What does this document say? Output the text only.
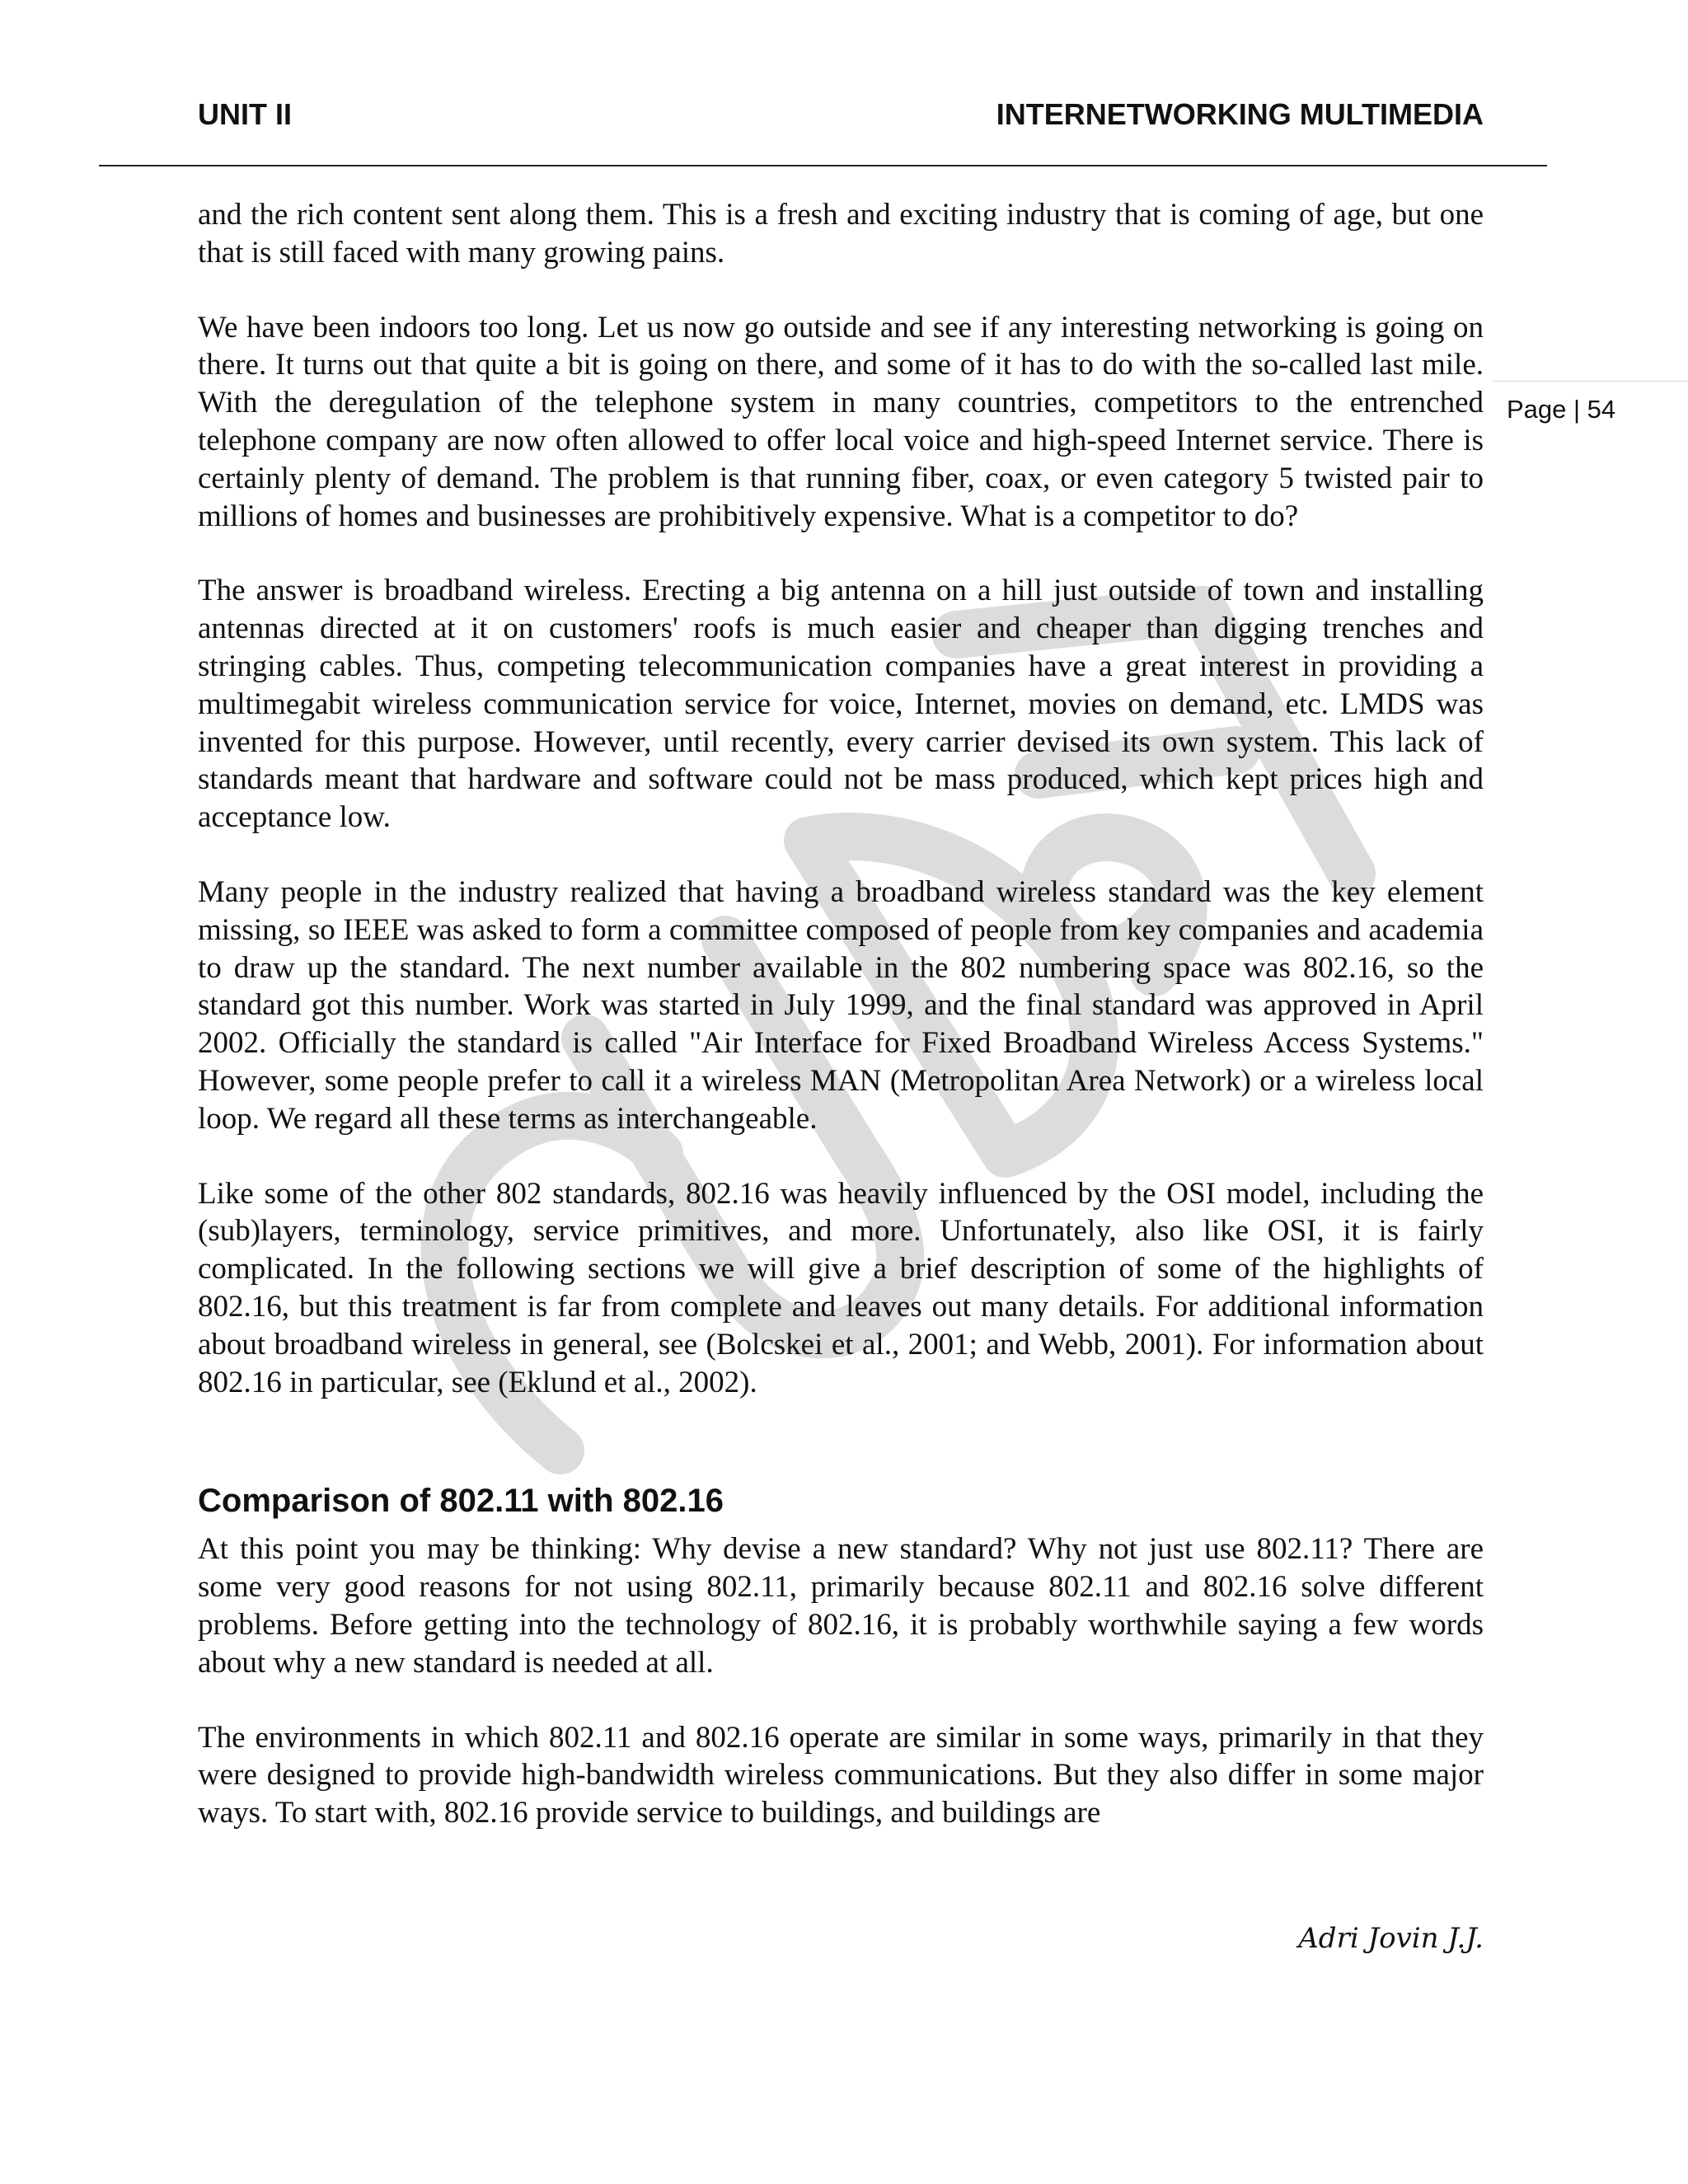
UNIT II	INTERNETWORKING MULTIMEDIA
Page | 54

and the rich content sent along them. This is a fresh and exciting industry that is coming of age, but one that is still faced with many growing pains.

We have been indoors too long. Let us now go outside and see if any interesting networking is going on there. It turns out that quite a bit is going on there, and some of it has to do with the so-called last mile. With the deregulation of the telephone system in many countries, competitors to the entrenched telephone company are now often allowed to offer local voice and high-speed Internet service. There is certainly plenty of demand. The problem is that running fiber, coax, or even category 5 twisted pair to millions of homes and businesses are prohibitively expensive. What is a competitor to do?

The answer is broadband wireless. Erecting a big antenna on a hill just outside of town and installing antennas directed at it on customers' roofs is much easier and cheaper than digging trenches and stringing cables. Thus, competing telecommunication companies have a great interest in providing a multimegabit wireless communication service for voice, Internet, movies on demand, etc. LMDS was invented for this purpose. However, until recently, every carrier devised its own system. This lack of standards meant that hardware and software could not be mass produced, which kept prices high and acceptance low.

Many people in the industry realized that having a broadband wireless standard was the key element missing, so IEEE was asked to form a committee composed of people from key companies and academia to draw up the standard. The next number available in the 802 numbering space was 802.16, so the standard got this number. Work was started in July 1999, and the final standard was approved in April 2002. Officially the standard is called "Air Interface for Fixed Broadband Wireless Access Systems." However, some people prefer to call it a wireless MAN (Metropolitan Area Network) or a wireless local loop. We regard all these terms as interchangeable.

Like some of the other 802 standards, 802.16 was heavily influenced by the OSI model, including the (sub)layers, terminology, service primitives, and more. Unfortunately, also like OSI, it is fairly complicated. In the following sections we will give a brief description of some of the highlights of 802.16, but this treatment is far from complete and leaves out many details. For additional information about broadband wireless in general, see (Bolcskei et al., 2001; and Webb, 2001). For information about 802.16 in particular, see (Eklund et al., 2002).

Comparison of 802.11 with 802.16

At this point you may be thinking: Why devise a new standard? Why not just use 802.11? There are some very good reasons for not using 802.11, primarily because 802.11 and 802.16 solve different problems. Before getting into the technology of 802.16, it is probably worthwhile saying a few words about why a new standard is needed at all.

The environments in which 802.11 and 802.16 operate are similar in some ways, primarily in that they were designed to provide high-bandwidth wireless communications. But they also differ in some major ways. To start with, 802.16 provide service to buildings, and buildings are

Adri Jovin J.J.
